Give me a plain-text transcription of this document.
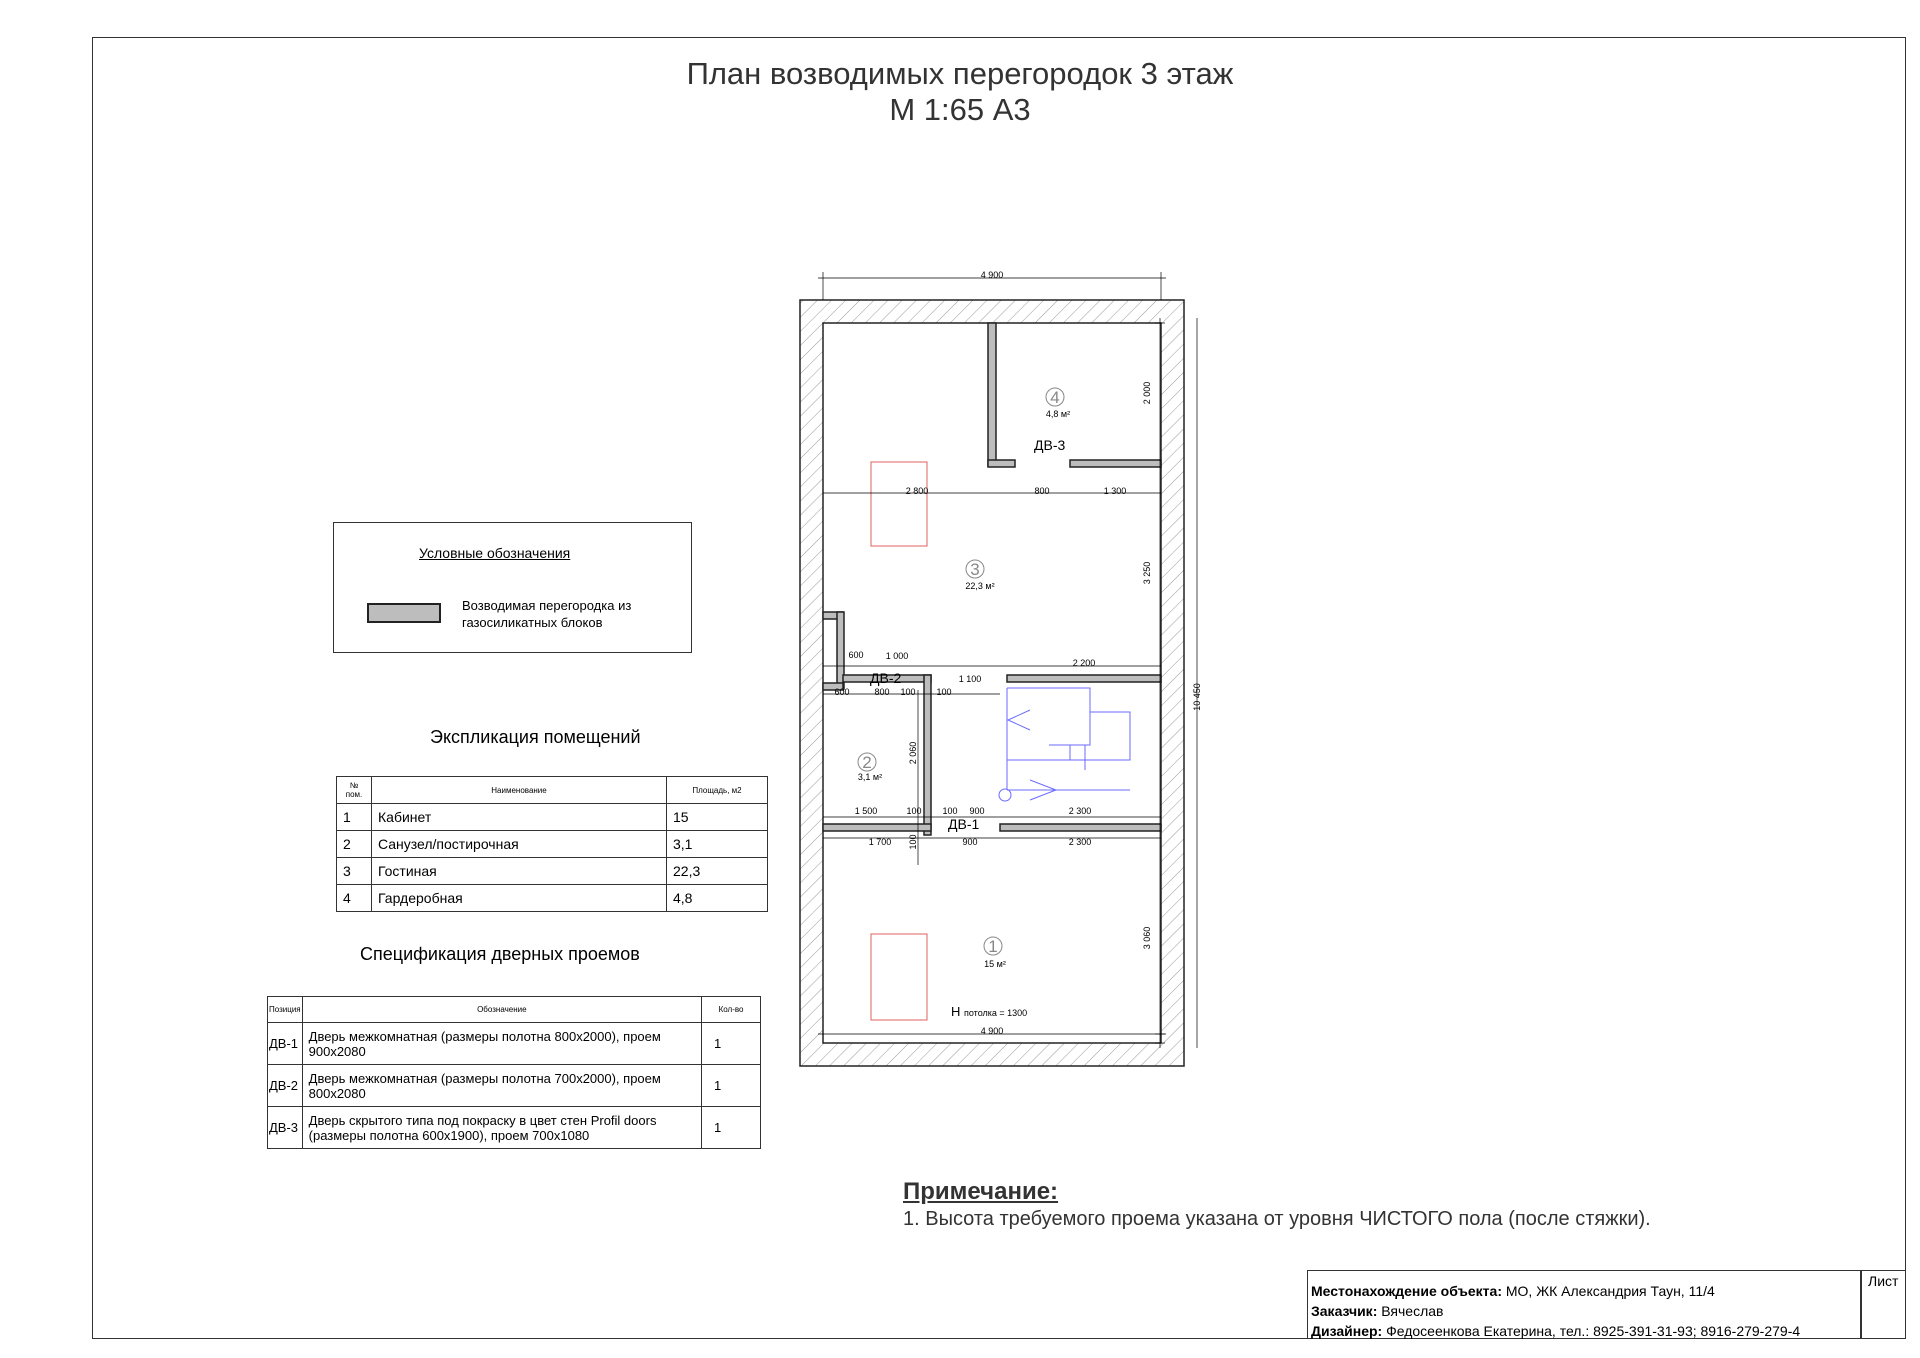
План возводимых перегородок 3 этаж
М 1:65 А3
4 900
4 900
10 450
2 000
3 250
3 060
2 800	800	1 300
600 1 000
2 200
1 100
600	800 100 100
2 060
1 500	100 100 900	2 300
1 700 100	900	2 300
4
4,8 м²
3
22,3 м²
2
3,1 м²
1
15 м²
ДВ-3
ДВ-2
ДВ-1
Н потолка = 1300
Условные обозначения
Возводимая перегородка из газосиликатных блоков
Экспликация помещений
№ пом.	Наименование	Площадь, м2
1	Кабинет	15
2	Санузел/постирочная	3,1
3	Гостиная	22,3
4	Гардеробная	4,8
Спецификация дверных проемов
Позиция	Обозначение	Кол-во
ДВ-1	Дверь межкомнатная (размеры полотна 800х2000), проем 900х2080	1
ДВ-2	Дверь межкомнатная (размеры полотна 700х2000), проем 800х2080	1
ДВ-3	Дверь скрытого типа под покраску в цвет стен Profil doors (размеры полотна 600х1900), проем 700х1080	1
Примечание:
1. Высота требуемого проема указана от уровня ЧИСТОГО пола (после стяжки).
Местонахождение объекта: МО, ЖК Александрия Таун, 11/4
Заказчик: Вячеслав
Дизайнер: Федосеенкова Екатерина, тел.: 8925-391-31-93; 8916-279-279-4
Лист
